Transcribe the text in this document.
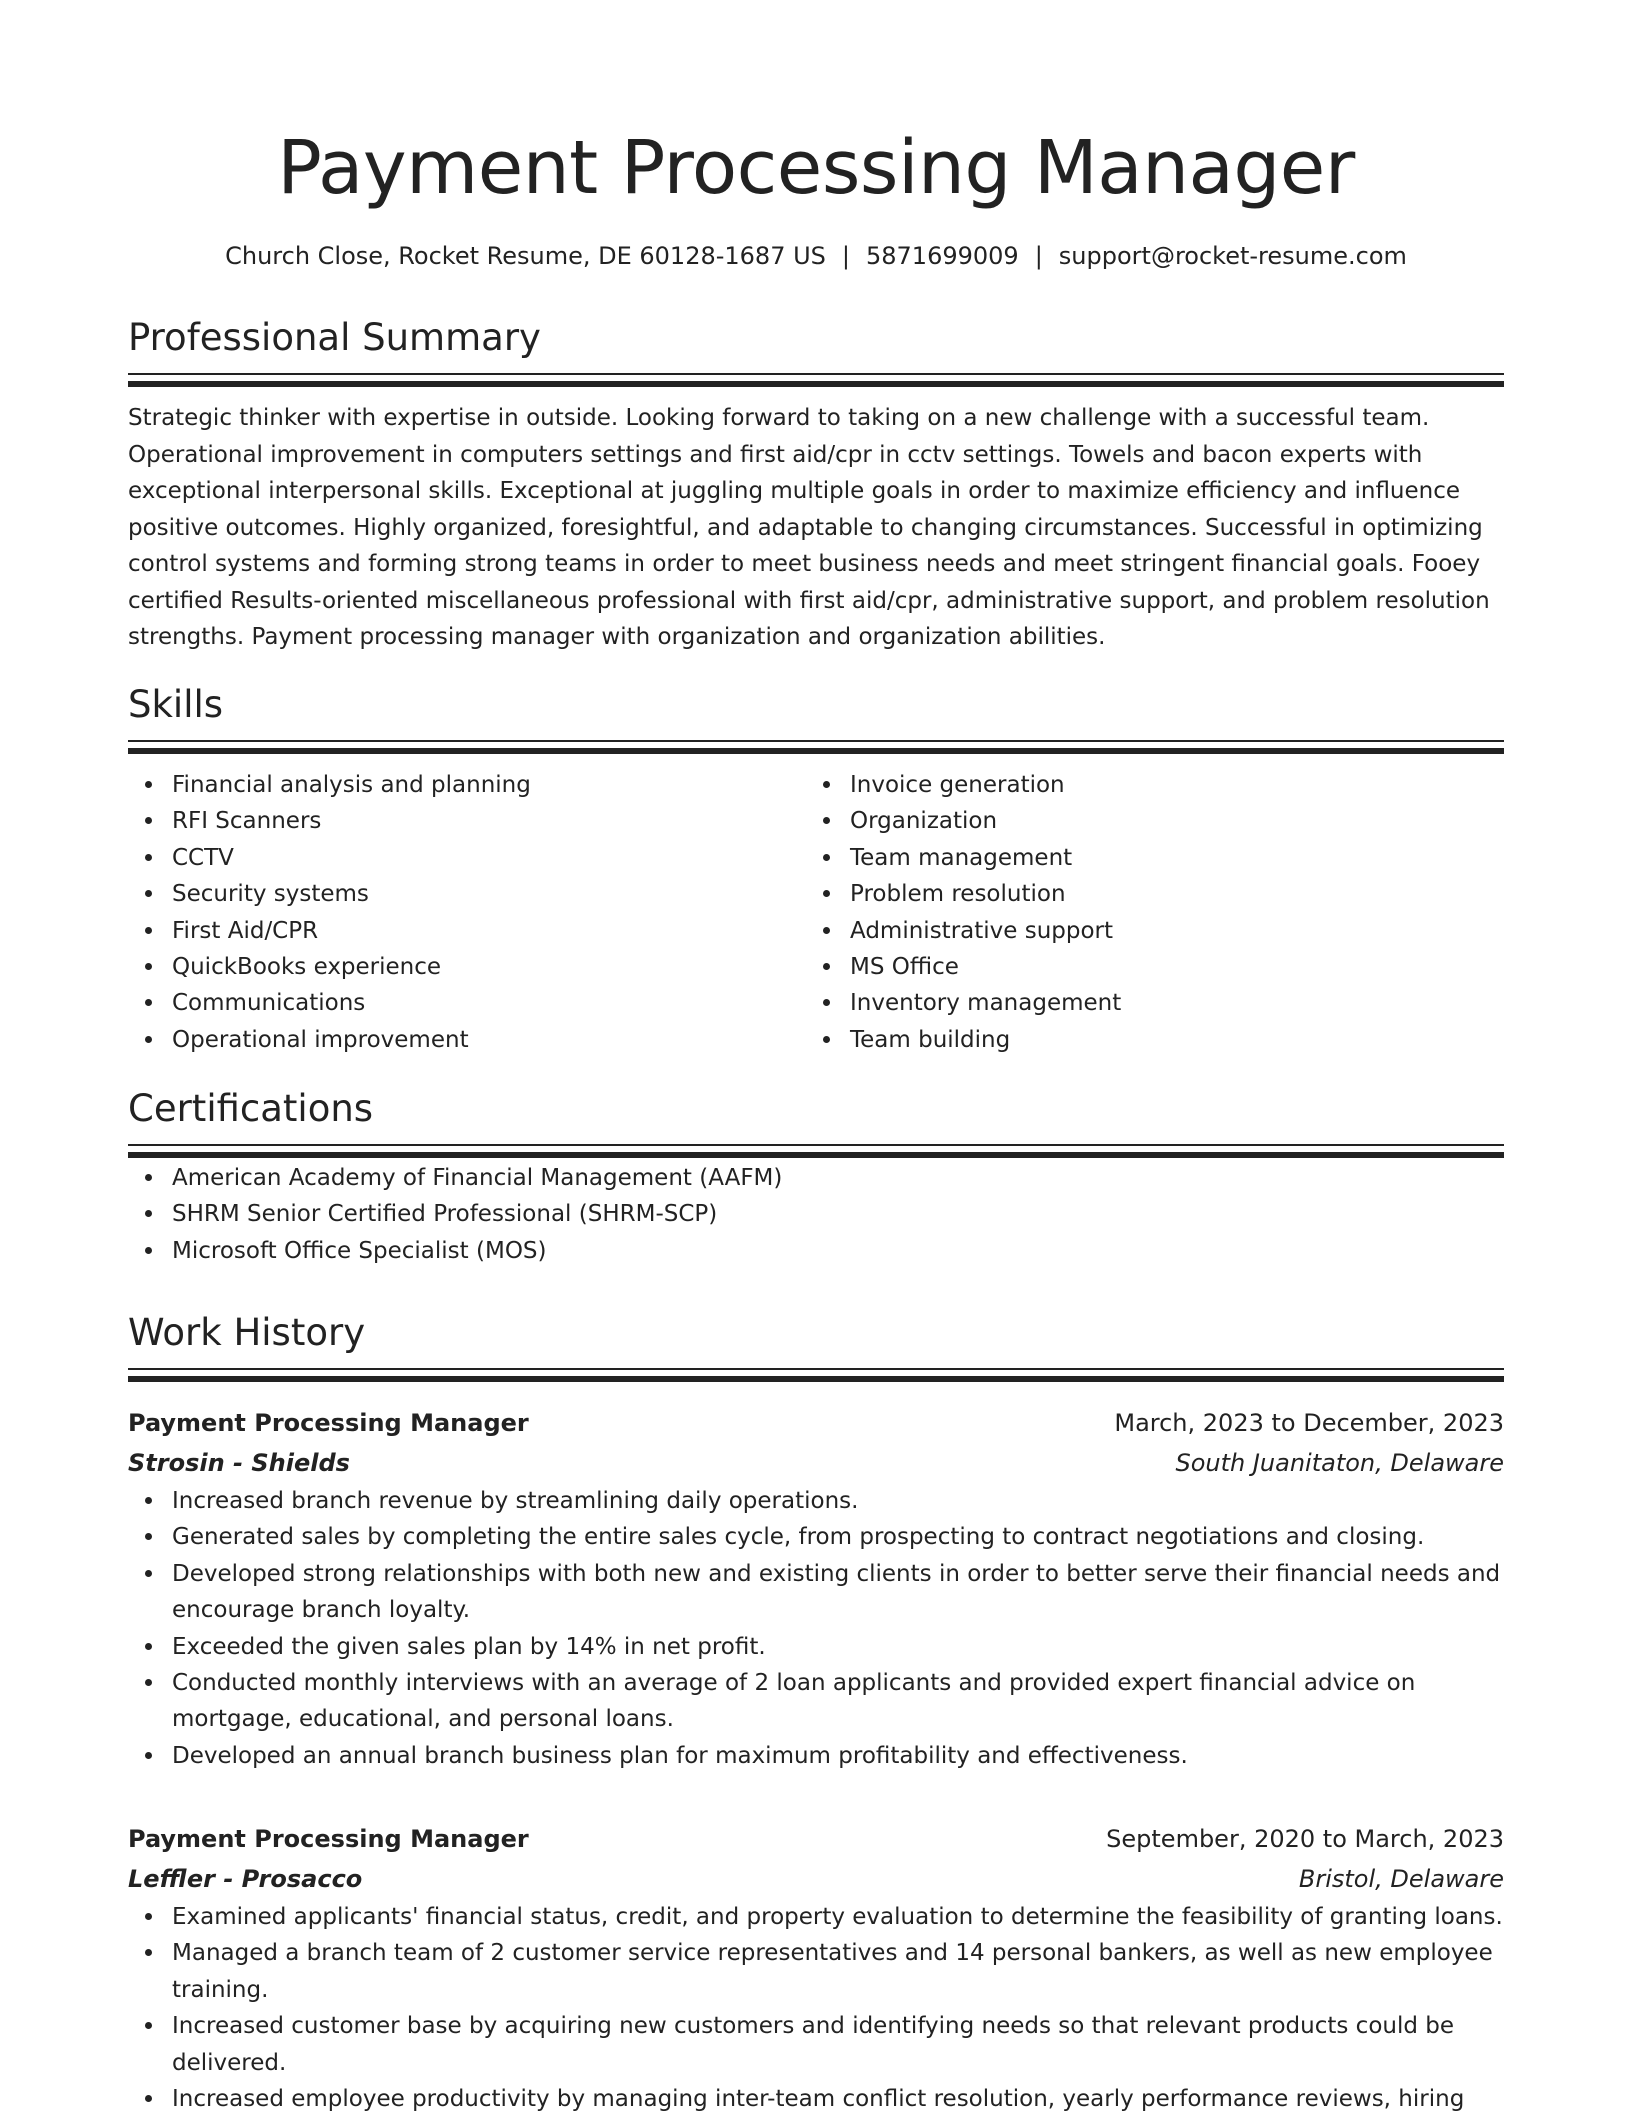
Payment Processing Manager
Church Close, Rocket Resume, DE 60128-1687 US | 5871699009 | support@rocket-resume.com
Professional Summary
Strategic thinker with expertise in outside. Looking forward to taking on a new challenge with a successful team. Operational improvement in computers settings and first aid/cpr in cctv settings. Towels and bacon experts with exceptional interpersonal skills. Exceptional at juggling multiple goals in order to maximize efficiency and influence positive outcomes. Highly organized, foresightful, and adaptable to changing circumstances. Successful in optimizing control systems and forming strong teams in order to meet business needs and meet stringent financial goals. Fooey certified Results-oriented miscellaneous professional with first aid/cpr, administrative support, and problem resolution strengths. Payment processing manager with organization and organization abilities.
Skills
Financial analysis and planning
RFI Scanners
CCTV
Security systems
First Aid/CPR
QuickBooks experience
Communications
Operational improvement
Invoice generation
Organization
Team management
Problem resolution
Administrative support
MS Office
Inventory management
Team building
Certifications
American Academy of Financial Management (AAFM)
SHRM Senior Certified Professional (SHRM-SCP)
Microsoft Office Specialist (MOS)
Work History
Payment Processing Manager	March, 2023 to December, 2023
Strosin - Shields	South Juanitaton, Delaware
Increased branch revenue by streamlining daily operations.
Generated sales by completing the entire sales cycle, from prospecting to contract negotiations and closing.
Developed strong relationships with both new and existing clients in order to better serve their financial needs and encourage branch loyalty.
Exceeded the given sales plan by 14% in net profit.
Conducted monthly interviews with an average of 2 loan applicants and provided expert financial advice on mortgage, educational, and personal loans.
Developed an annual branch business plan for maximum profitability and effectiveness.
Payment Processing Manager	September, 2020 to March, 2023
Leffler - Prosacco	Bristol, Delaware
Examined applicants' financial status, credit, and property evaluation to determine the feasibility of granting loans.
Managed a branch team of 2 customer service representatives and 14 personal bankers, as well as new employee training.
Increased customer base by acquiring new customers and identifying needs so that relevant products could be delivered.
Increased employee productivity by managing inter-team conflict resolution, yearly performance reviews, hiring
